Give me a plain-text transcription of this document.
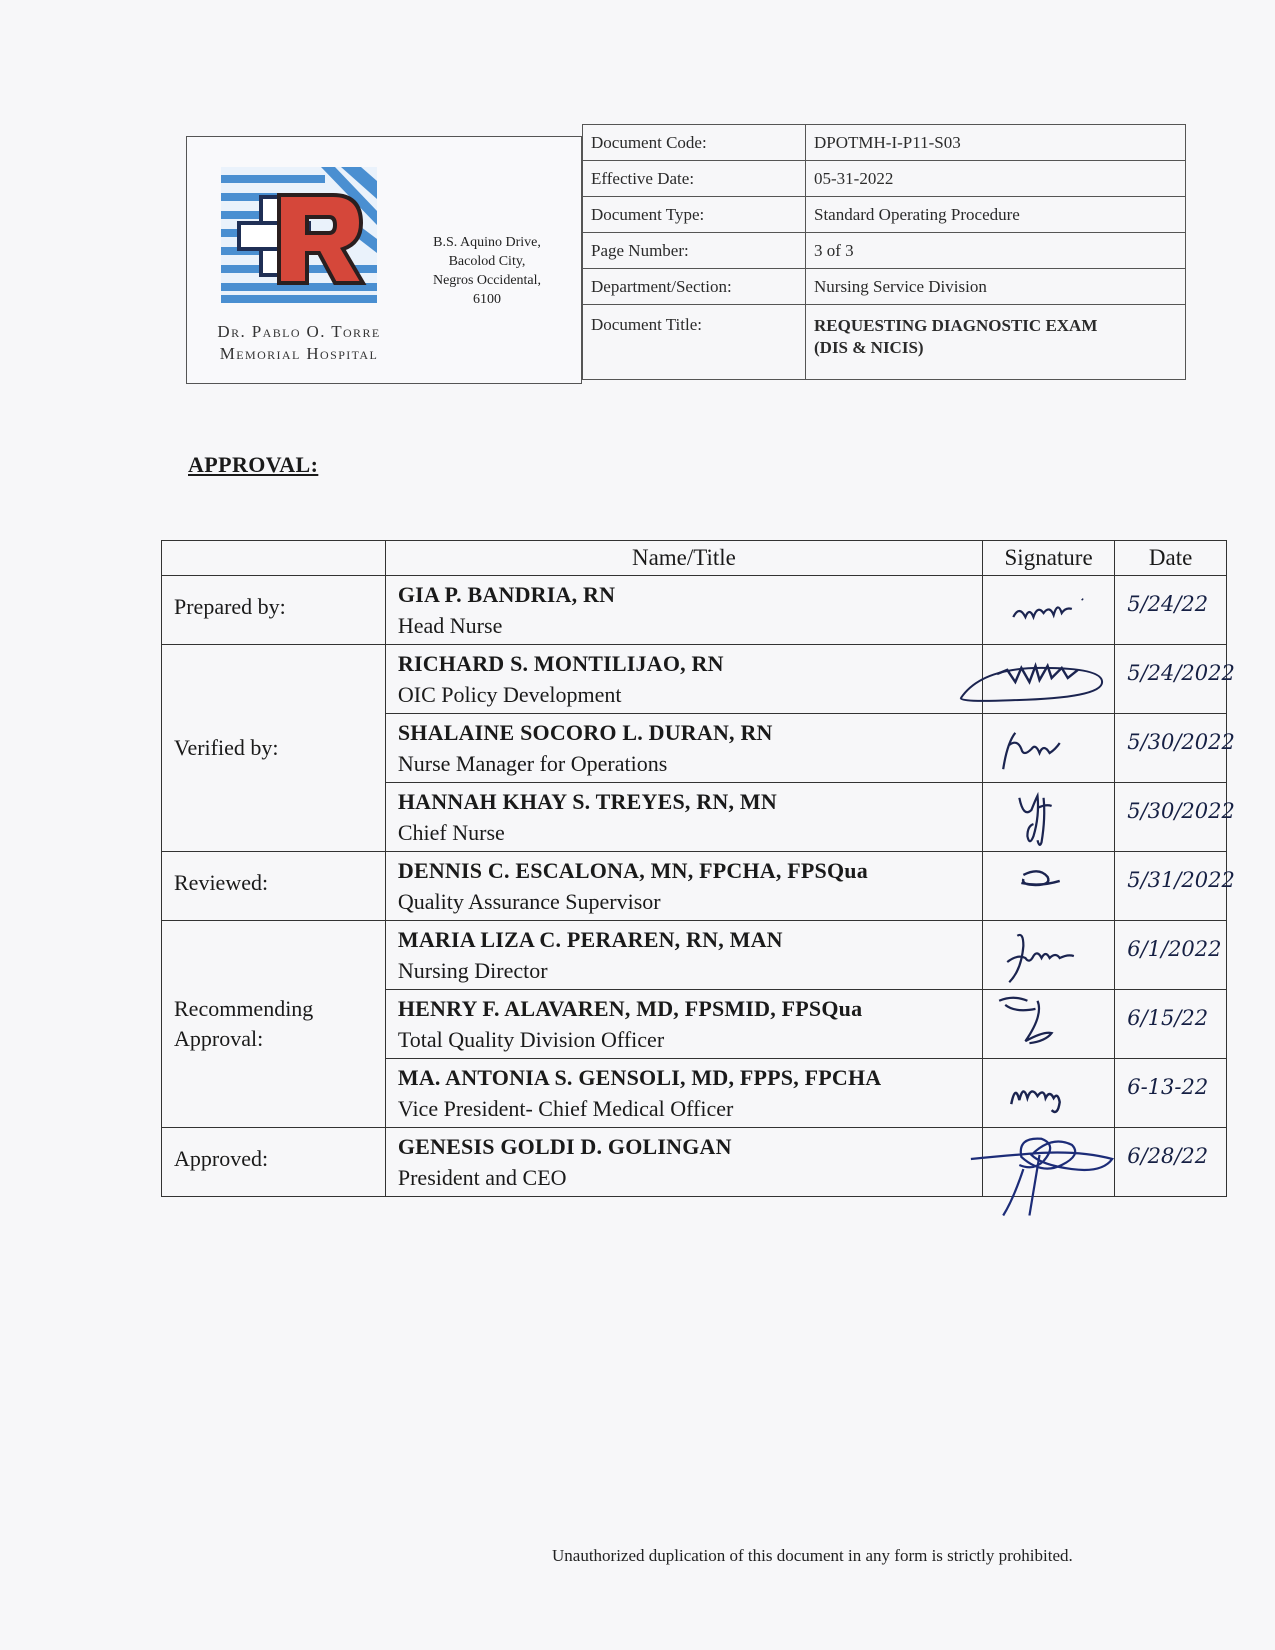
Dr. Pablo O. Torre
Memorial Hospital
B.S. Aquino Drive,
Bacolod City,
Negros Occidental,
6100
Document Code:	DPOTMH-I-P11-S03
Effective Date:	05-31-2022
Document Type:	Standard Operating Procedure
Page Number:	3 of 3
Department/Section:	Nursing Service Division
Document Title:	REQUESTING DIAGNOSTIC EXAM
(DIS & NICIS)
APPROVAL:
	Name/Title	Signature	Date
Prepared by:	GIA P. BANDRIA, RN
Head Nurse		5/24/22

Verified by:	RICHARD S. MONTILIJAO, RN
OIC Policy Development		5/24/2022

	SHALAINE SOCORO L. DURAN, RN
Nurse Manager for Operations		5/30/2022

	HANNAH KHAY S. TREYES, RN, MN
Chief Nurse		5/30/2022

Reviewed:	DENNIS C. ESCALONA, MN, FPCHA, FPSQua
Quality Assurance Supervisor		5/31/2022

Recommending
Approval:	MARIA LIZA C. PERAREN, RN, MAN
Nursing Director		6/1/2022

	HENRY F. ALAVAREN, MD, FPSMID, FPSQua
Total Quality Division Officer		6/15/22

	MA. ANTONIA S. GENSOLI, MD, FPPS, FPCHA
Vice President- Chief Medical Officer		6-13-22

Approved:	GENESIS GOLDI D. GOLINGAN
President and CEO		6/28/22
Unauthorized duplication of this document in any form is strictly prohibited.
